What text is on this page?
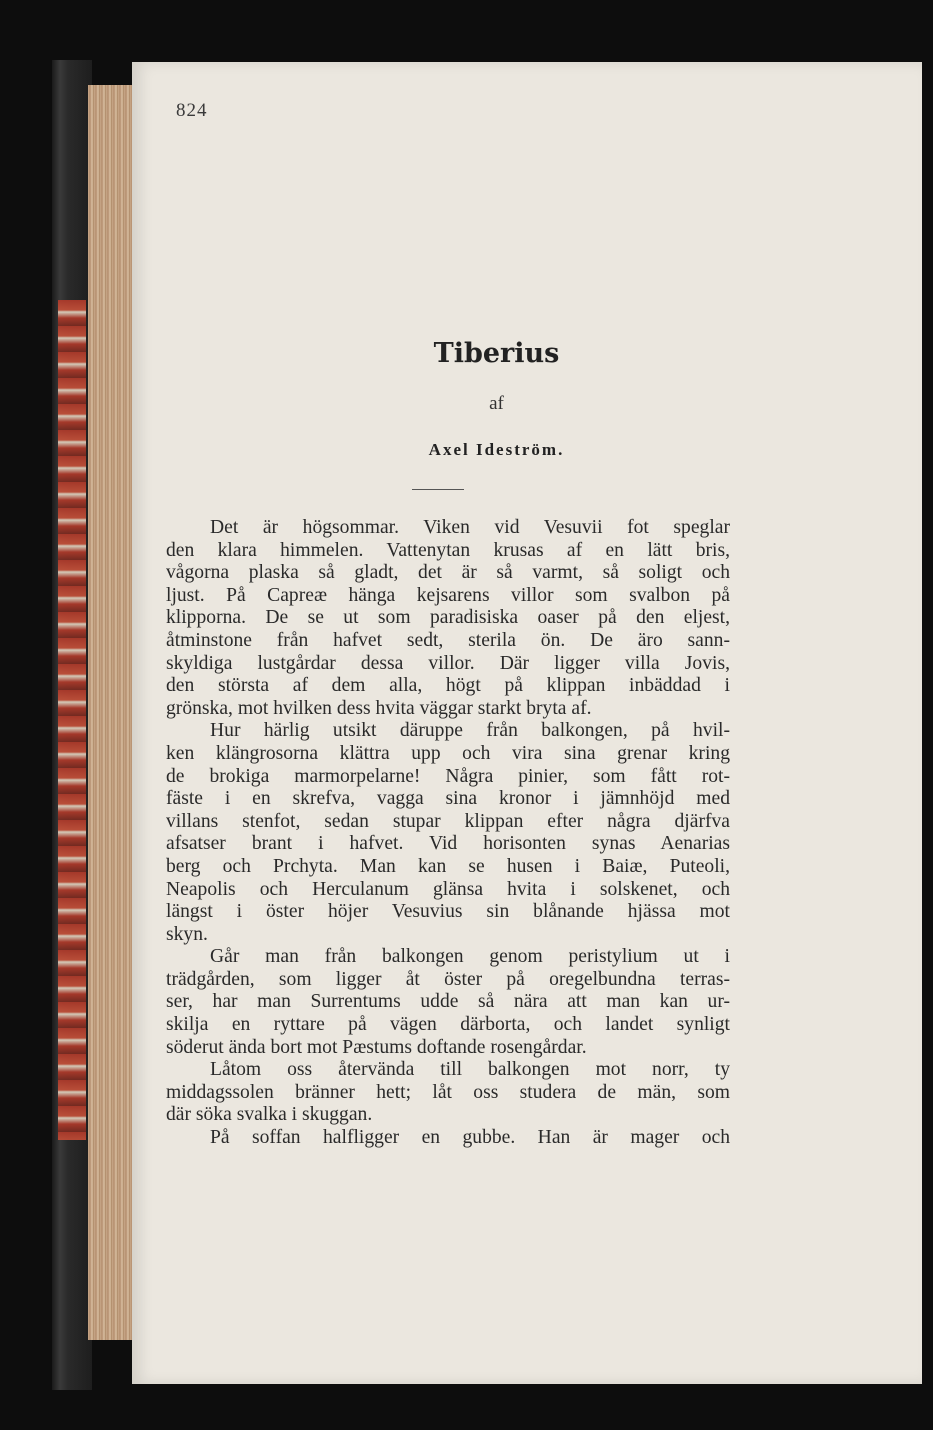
824
Tiberius
af
Axel Ideström.
Det är högsommar. Viken vid Vesuvii fot speglar
den klara himmelen. Vattenytan krusas af en lätt bris,
vågorna plaska så gladt, det är så varmt, så soligt och
ljust. På Capreæ hänga kejsarens villor som svalbon på
klipporna. De se ut som paradisiska oaser på den eljest,
åtminstone från hafvet sedt, sterila ön. De äro sann-
skyldiga lustgårdar dessa villor. Där ligger villa Jovis,
den största af dem alla, högt på klippan inbäddad i
grönska, mot hvilken dess hvita väggar starkt bryta af.
Hur härlig utsikt däruppe från balkongen, på hvil-
ken klängrosorna klättra upp och vira sina grenar kring
de brokiga marmorpelarne! Några pinier, som fått rot-
fäste i en skrefva, vagga sina kronor i jämnhöjd med
villans stenfot, sedan stupar klippan efter några djärfva
afsatser brant i hafvet. Vid horisonten synas Aenarias
berg och Prchyta. Man kan se husen i Baiæ, Puteoli,
Neapolis och Herculanum glänsa hvita i solskenet, och
längst i öster höjer Vesuvius sin blånande hjässa mot
skyn.
Går man från balkongen genom peristylium ut i
trädgården, som ligger åt öster på oregelbundna terras-
ser, har man Surrentums udde så nära att man kan ur-
skilja en ryttare på vägen därborta, och landet synligt
söderut ända bort mot Pæstums doftande rosengårdar.
Låtom oss återvända till balkongen mot norr, ty
middagssolen bränner hett; låt oss studera de män, som
där söka svalka i skuggan.
På soffan halfligger en gubbe. Han är mager och
